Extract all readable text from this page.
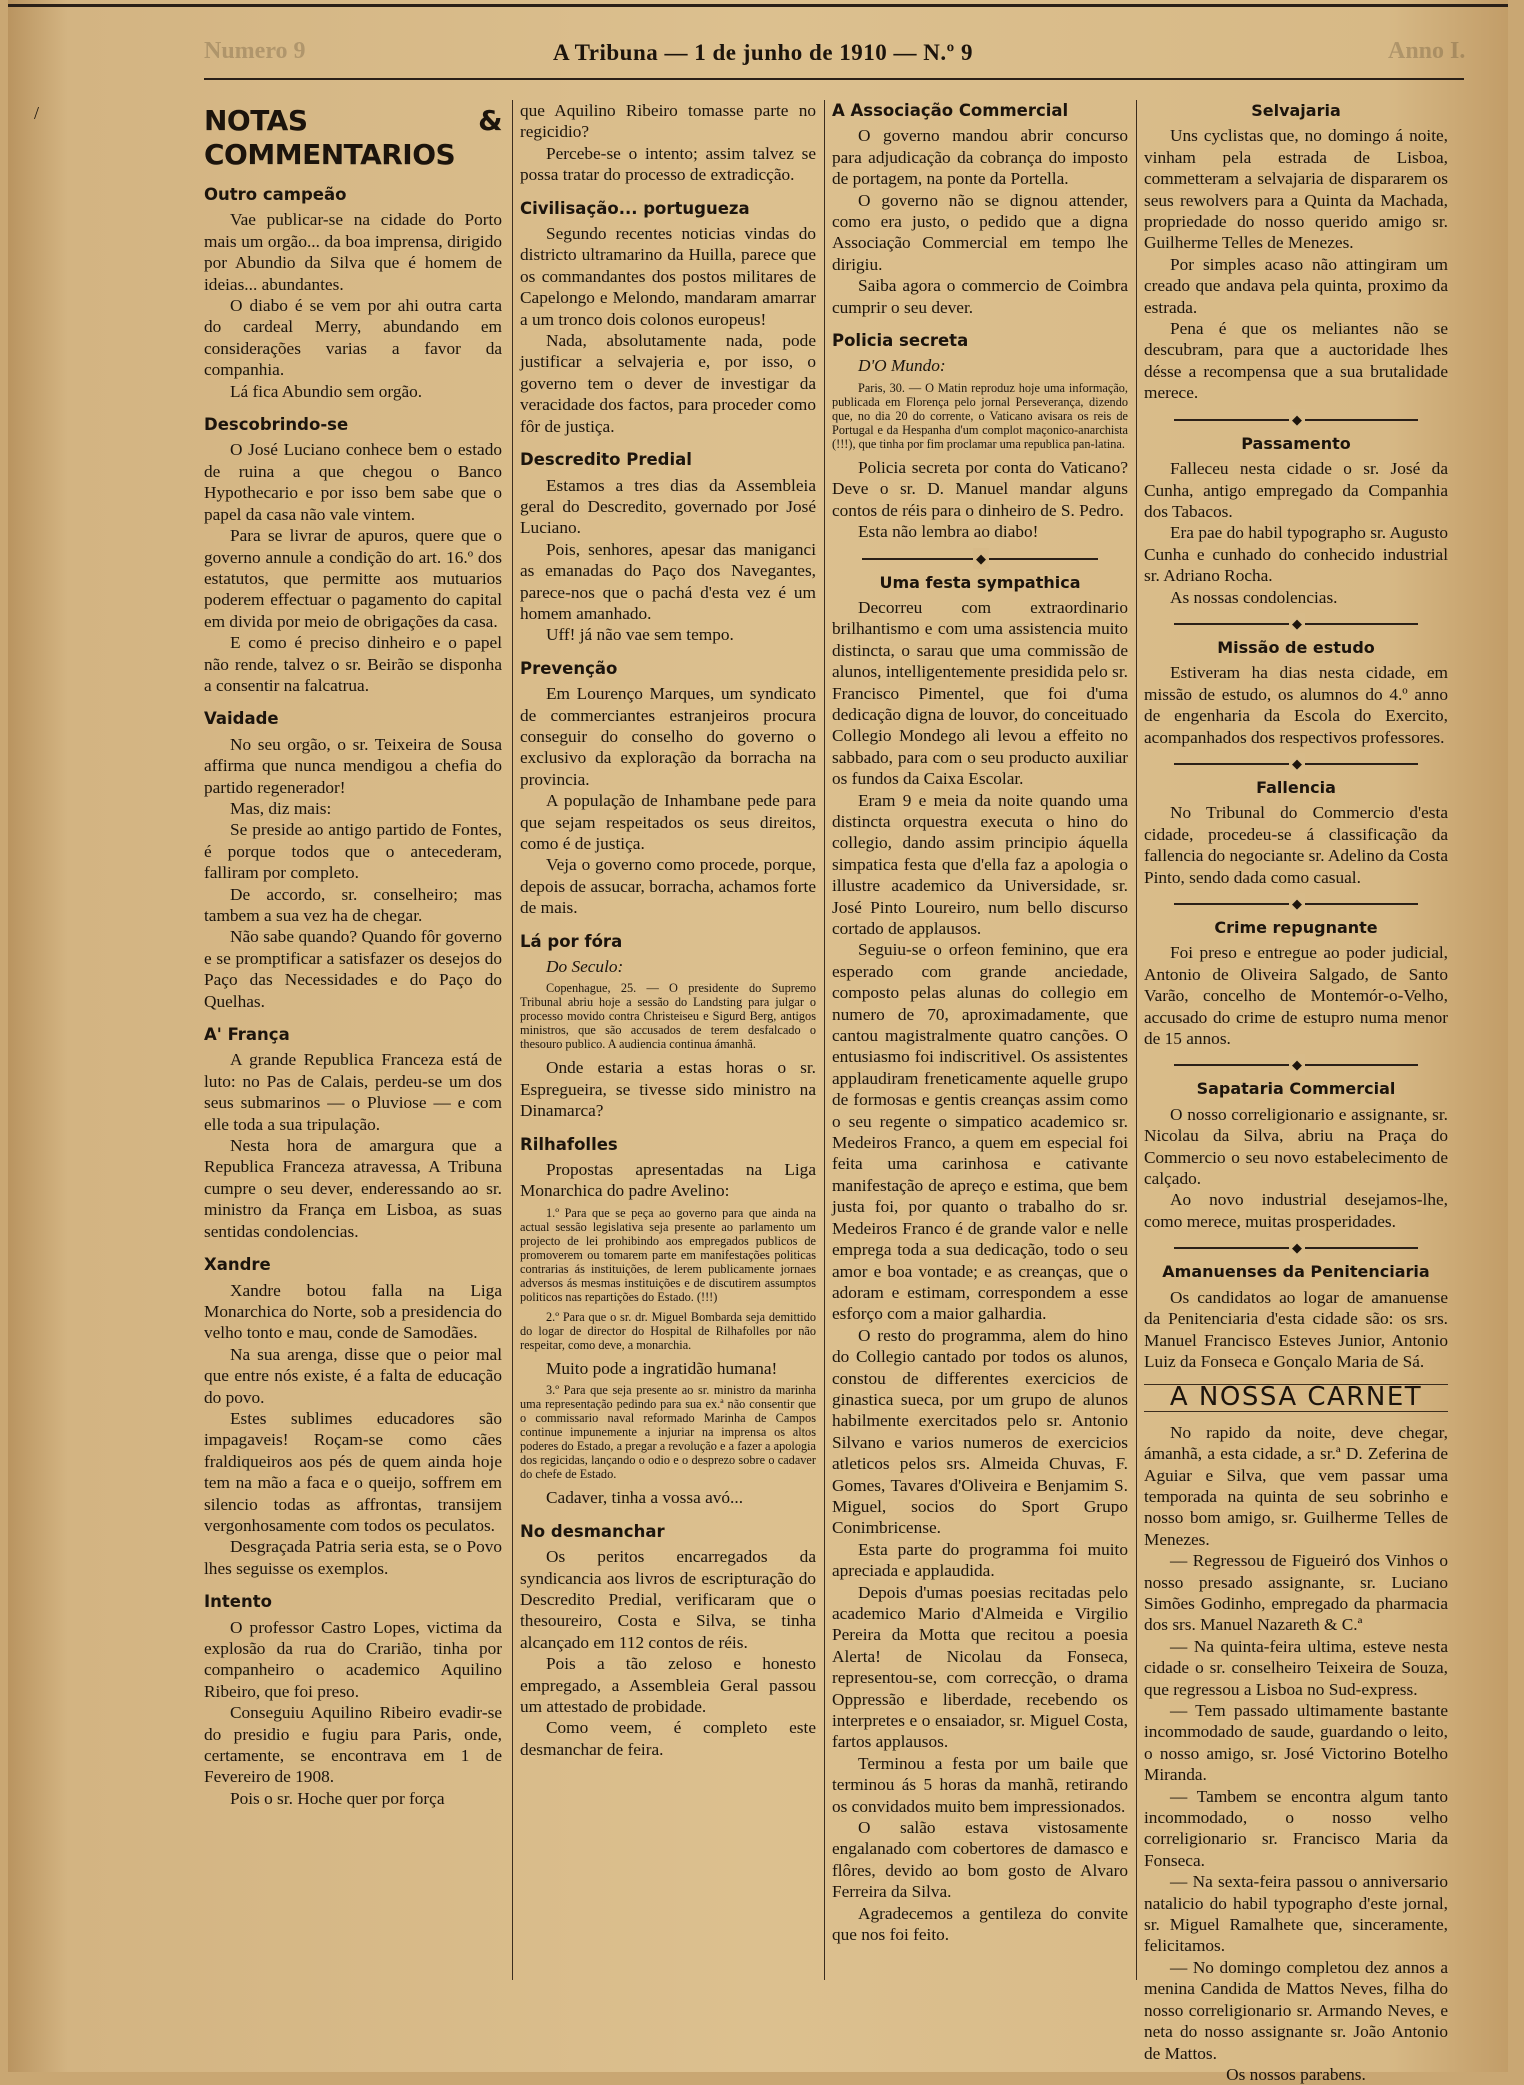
Numero 9	Anno I.
A Tribuna — 1 de junho de 1910 — N.º 9
/	NOTAS & COMMENTARIOS
Outro campeão

Vae publicar-se na cidade do Porto mais um orgão... da boa imprensa, dirigido por Abundio da Silva que é homem de ideias... abundantes.

O diabo é se vem por ahi outra carta do cardeal Merry, abundando em considerações varias a favor da companhia.

Lá fica Abundio sem orgão.

Descobrindo-se

O José Luciano conhece bem o estado de ruina a que chegou o Banco Hypothecario e por isso bem sabe que o papel da casa não vale vintem.

Para se livrar de apuros, quere que o governo annule a condição do art. 16.º dos estatutos, que permitte aos mutuarios poderem effectuar o pagamento do capital em divida por meio de obrigações da casa.

E como é preciso dinheiro e o papel não rende, talvez o sr. Beirão se disponha a consentir na falcatrua.

Vaidade

No seu orgão, o sr. Teixeira de Sousa affirma que nunca mendigou a chefia do partido regenerador!

Mas, diz mais:

Se preside ao antigo partido de Fontes, é porque todos que o antecederam, falliram por completo.

De accordo, sr. conselheiro; mas tambem a sua vez ha de chegar.

Não sabe quando? Quando fôr governo e se promptificar a satisfazer os desejos do Paço das Necessidades e do Paço do Quelhas.

A' França

A grande Republica Franceza está de luto: no Pas de Calais, perdeu-se um dos seus submarinos — o Pluviose — e com elle toda a sua tripulação.

Nesta hora de amargura que a Republica Franceza atravessa, A Tribuna cumpre o seu dever, enderessando ao sr. ministro da França em Lisboa, as suas sentidas condolencias.

Xandre

Xandre botou falla na Liga Monarchica do Norte, sob a presidencia do velho tonto e mau, conde de Samodães.

Na sua arenga, disse que o peior mal que entre nós existe, é a falta de educação do povo.

Estes sublimes educadores são impagaveis! Roçam-se como cães fraldiqueiros aos pés de quem ainda hoje tem na mão a faca e o queijo, soffrem em silencio todas as affrontas, transijem vergonhosamente com todos os peculatos.

Desgraçada Patria seria esta, se o Povo lhes seguisse os exemplos.

Intento

O professor Castro Lopes, victima da explosão da rua do Crarião, tinha por companheiro o academico Aquilino Ribeiro, que foi preso.

Conseguiu Aquilino Ribeiro evadir-se do presidio e fugiu para Paris, onde, certamente, se encontrava em 1 de Fevereiro de 1908.

Pois o sr. Hoche quer por força

que Aquilino Ribeiro tomasse parte no regicidio?

Percebe-se o intento; assim talvez se possa tratar do processo de extradicção.

Civilisação... portugueza

Segundo recentes noticias vindas do districto ultramarino da Huilla, parece que os commandantes dos postos militares de Capelongo e Melondo, mandaram amarrar a um tronco dois colonos europeus!

Nada, absolutamente nada, pode justificar a selvajeria e, por isso, o governo tem o dever de investigar da veracidade dos factos, para proceder como fôr de justiça.

Descredito Predial

Estamos a tres dias da Assembleia geral do Descredito, governado por José Luciano.

Pois, senhores, apesar das maniganci as emanadas do Paço dos Navegantes, parece-nos que o pachá d'esta vez é um homem amanhado.

Uff! já não vae sem tempo.

Prevenção

Em Lourenço Marques, um syndicato de commerciantes estranjeiros procura conseguir do conselho do governo o exclusivo da exploração da borracha na provincia.

A população de Inhambane pede para que sejam respeitados os seus direitos, como é de justiça.

Veja o governo como procede, porque, depois de assucar, borracha, achamos forte de mais.

Lá por fóra

Do Seculo:

Copenhague, 25. — O presidente do Supremo Tribunal abriu hoje a sessão do Landsting para julgar o processo movido contra Christeiseu e Sigurd Berg, antigos ministros, que são accusados de terem desfalcado o thesouro publico. A audiencia continua ámanhã.

Onde estaria a estas horas o sr. Espregueira, se tivesse sido ministro na Dinamarca?

Rilhafolles

Propostas apresentadas na Liga Monarchica do padre Avelino:

1.º Para que se peça ao governo para que ainda na actual sessão legislativa seja presente ao parlamento um projecto de lei prohibindo aos empregados publicos de promoverem ou tomarem parte em manifestações politicas contrarias ás instituições, de lerem publicamente jornaes adversos ás mesmas instituições e de discutirem assumptos politicos nas repartições do Estado. (!!!)

2.º Para que o sr. dr. Miguel Bombarda seja demittido do logar de director do Hospital de Rilhafolles por não respeitar, como deve, a monarchia.

Muito pode a ingratidão humana!

3.º Para que seja presente ao sr. ministro da marinha uma representação pedindo para sua ex.ª não consentir que o commissario naval reformado Marinha de Campos continue impunemente a injuriar na imprensa os altos poderes do Estado, a pregar a revolução e a fazer a apologia dos regicidas, lançando o odio e o desprezo sobre o cadaver do chefe de Estado.

Cadaver, tinha a vossa avó...

No desmanchar

Os peritos encarregados da syndicancia aos livros de escripturação do Descredito Predial, verificaram que o thesoureiro, Costa e Silva, se tinha alcançado em 112 contos de réis.

Pois a tão zeloso e honesto empregado, a Assembleia Geral passou um attestado de probidade.

Como veem, é completo este desmanchar de feira.

A Associação Commercial

O governo mandou abrir concurso para adjudicação da cobrança do imposto de portagem, na ponte da Portella.

O governo não se dignou attender, como era justo, o pedido que a digna Associação Commercial em tempo lhe dirigiu.

Saiba agora o commercio de Coimbra cumprir o seu dever.

Policia secreta

D'O Mundo:

Paris, 30. — O Matin reproduz hoje uma informação, publicada em Florença pelo jornal Perseverança, dizendo que, no dia 20 do corrente, o Vaticano avisara os reis de Portugal e da Hespanha d'um complot maçonico-anarchista (!!!), que tinha por fim proclamar uma republica pan-latina.

Policia secreta por conta do Vaticano? Deve o sr. D. Manuel mandar alguns contos de réis para o dinheiro de S. Pedro.

Esta não lembra ao diabo!

◆
Uma festa sympathica

Decorreu com extraordinario brilhantismo e com uma assistencia muito distincta, o sarau que uma commissão de alunos, intelligentemente presidida pelo sr. Francisco Pimentel, que foi d'uma dedicação digna de louvor, do conceituado Collegio Mondego ali levou a effeito no sabbado, para com o seu producto auxiliar os fundos da Caixa Escolar.

Eram 9 e meia da noite quando uma distincta orquestra executa o hino do collegio, dando assim principio áquella simpatica festa que d'ella faz a apologia o illustre academico da Universidade, sr. José Pinto Loureiro, num bello discurso cortado de applausos.

Seguiu-se o orfeon feminino, que era esperado com grande anciedade, composto pelas alunas do collegio em numero de 70, aproximadamente, que cantou magistralmente quatro canções. O entusiasmo foi indiscritivel. Os assistentes applaudiram freneticamente aquelle grupo de formosas e gentis creanças assim como o seu regente o simpatico academico sr. Medeiros Franco, a quem em especial foi feita uma carinhosa e cativante manifestação de apreço e estima, que bem justa foi, por quanto o trabalho do sr. Medeiros Franco é de grande valor e nelle emprega toda a sua dedicação, todo o seu amor e boa vontade; e as creanças, que o adoram e estimam, correspondem a esse esforço com a maior galhardia.

O resto do programma, alem do hino do Collegio cantado por todos os alunos, constou de differentes exercicios de ginastica sueca, por um grupo de alunos habilmente exercitados pelo sr. Antonio Silvano e varios numeros de exercicios atleticos pelos srs. Almeida Chuvas, F. Gomes, Tavares d'Oliveira e Benjamim S. Miguel, socios do Sport Grupo Conimbricense.

Esta parte do programma foi muito apreciada e applaudida.

Depois d'umas poesias recitadas pelo academico Mario d'Almeida e Virgilio Pereira da Motta que recitou a poesia Alerta! de Nicolau da Fonseca, representou-se, com correcção, o drama Oppressão e liberdade, recebendo os interpretes e o ensaiador, sr. Miguel Costa, fartos applausos.

Terminou a festa por um baile que terminou ás 5 horas da manhã, retirando os convidados muito bem impressionados.

O salão estava vistosamente engalanado com cobertores de damasco e flôres, devido ao bom gosto de Alvaro Ferreira da Silva.

Agradecemos a gentileza do convite que nos foi feito.

Selvajaria

Uns cyclistas que, no domingo á noite, vinham pela estrada de Lisboa, commetteram a selvajaria de dispararem os seus rewolvers para a Quinta da Machada, propriedade do nosso querido amigo sr. Guilherme Telles de Menezes.

Por simples acaso não attingiram um creado que andava pela quinta, proximo da estrada.

Pena é que os meliantes não se descubram, para que a auctoridade lhes désse a recompensa que a sua brutalidade merece.

◆
Passamento

Falleceu nesta cidade o sr. José da Cunha, antigo empregado da Companhia dos Tabacos.

Era pae do habil typographo sr. Augusto Cunha e cunhado do conhecido industrial sr. Adriano Rocha.

As nossas condolencias.

◆
Missão de estudo

Estiveram ha dias nesta cidade, em missão de estudo, os alumnos do 4.º anno de engenharia da Escola do Exercito, acompanhados dos respectivos professores.

◆
Fallencia

No Tribunal do Commercio d'esta cidade, procedeu-se á classificação da fallencia do negociante sr. Adelino da Costa Pinto, sendo dada como casual.

◆
Crime repugnante

Foi preso e entregue ao poder judicial, Antonio de Oliveira Salgado, de Santo Varão, concelho de Montemór-o-Velho, accusado do crime de estupro numa menor de 15 annos.

◆
Sapataria Commercial

O nosso correligionario e assignante, sr. Nicolau da Silva, abriu na Praça do Commercio o seu novo estabelecimento de calçado.

Ao novo industrial desejamos-lhe, como merece, muitas prosperidades.

◆
Amanuenses da Penitenciaria

Os candidatos ao logar de amanuense da Penitenciaria d'esta cidade são: os srs. Manuel Francisco Esteves Junior, Antonio Luiz da Fonseca e Gonçalo Maria de Sá.

A NOSSA CARNET

No rapido da noite, deve chegar, ámanhã, a esta cidade, a sr.ª D. Zeferina de Aguiar e Silva, que vem passar uma temporada na quinta de seu sobrinho e nosso bom amigo, sr. Guilherme Telles de Menezes.

— Regressou de Figueiró dos Vinhos o nosso presado assignante, sr. Luciano Simões Godinho, empregado da pharmacia dos srs. Manuel Nazareth & C.ª

— Na quinta-feira ultima, esteve nesta cidade o sr. conselheiro Teixeira de Souza, que regressou a Lisboa no Sud-express.

— Tem passado ultimamente bastante incommodado de saude, guardando o leito, o nosso amigo, sr. José Victorino Botelho Miranda.

— Tambem se encontra algum tanto incommodado, o nosso velho correligionario sr. Francisco Maria da Fonseca.

— Na sexta-feira passou o anniversario natalicio do habil typographo d'este jornal, sr. Miguel Ramalhete que, sinceramente, felicitamos.

— No domingo completou dez annos a menina Candida de Mattos Neves, filha do nosso correligionario sr. Armando Neves, e neta do nosso assignante sr. João Antonio de Mattos.

Os nossos parabens.
